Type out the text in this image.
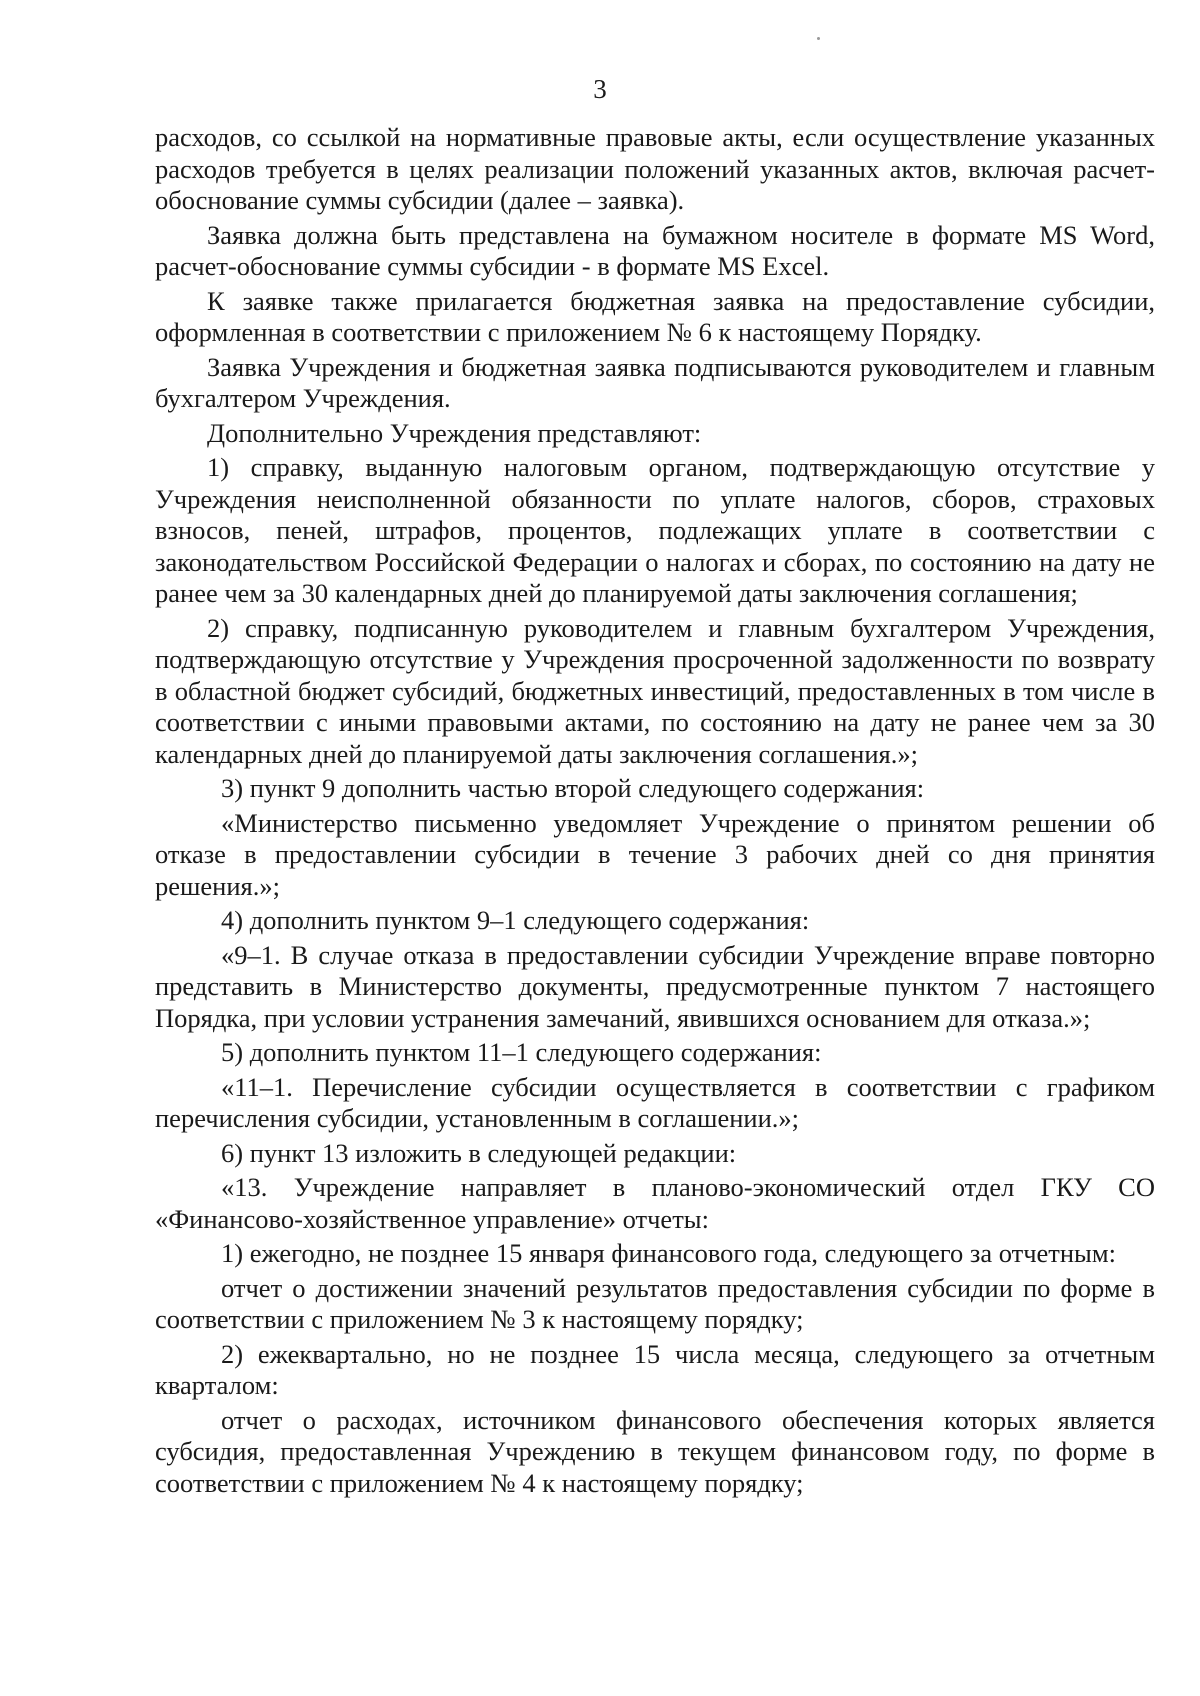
3

расходов, со ссылкой на нормативные правовые акты, если осуществление указанных расходов требуется в целях реализации положений указанных актов, включая расчет-обоснование суммы субсидии (далее – заявка).

Заявка должна быть представлена на бумажном носителе в формате MS Word, расчет-обоснование суммы субсидии - в формате MS Excel.

К заявке также прилагается бюджетная заявка на предоставление субсидии, оформленная в соответствии с приложением № 6 к настоящему Порядку.

Заявка Учреждения и бюджетная заявка подписываются руководителем и главным бухгалтером Учреждения.

Дополнительно Учреждения представляют:

1) справку, выданную налоговым органом, подтверждающую отсутствие у Учреждения неисполненной обязанности по уплате налогов, сборов, страховых взносов, пеней, штрафов, процентов, подлежащих уплате в соответствии с законодательством Российской Федерации о налогах и сборах, по состоянию на дату не ранее чем за 30 календарных дней до планируемой даты заключения соглашения;

2) справку, подписанную руководителем и главным бухгалтером Учреждения, подтверждающую отсутствие у Учреждения просроченной задолженности по возврату в областной бюджет субсидий, бюджетных инвестиций, предоставленных в том числе в соответствии с иными правовыми актами, по состоянию на дату не ранее чем за 30 календарных дней до планируемой даты заключения соглашения.»;

3) пункт 9 дополнить частью второй следующего содержания:

«Министерство письменно уведомляет Учреждение о принятом решении об отказе в предоставлении субсидии в течение 3 рабочих дней со дня принятия решения.»;

4) дополнить пунктом 9–1 следующего содержания:

«9–1. В случае отказа в предоставлении субсидии Учреждение вправе повторно представить в Министерство документы, предусмотренные пунктом 7 настоящего Порядка, при условии устранения замечаний, явившихся основанием для отказа.»;

5) дополнить пунктом 11–1 следующего содержания:

«11–1. Перечисление субсидии осуществляется в соответствии с графиком перечисления субсидии, установленным в соглашении.»;

6) пункт 13 изложить в следующей редакции:

«13. Учреждение направляет в планово-экономический отдел ГКУ СО «Финансово-хозяйственное управление» отчеты:

1) ежегодно, не позднее 15 января финансового года, следующего за отчетным:

отчет о достижении значений результатов предоставления субсидии по форме в соответствии с приложением № 3 к настоящему порядку;

2) ежеквартально, но не позднее 15 числа месяца, следующего за отчетным кварталом:

отчет о расходах, источником финансового обеспечения которых является субсидия, предоставленная Учреждению в текущем финансовом году, по форме в соответствии с приложением № 4 к настоящему порядку;
